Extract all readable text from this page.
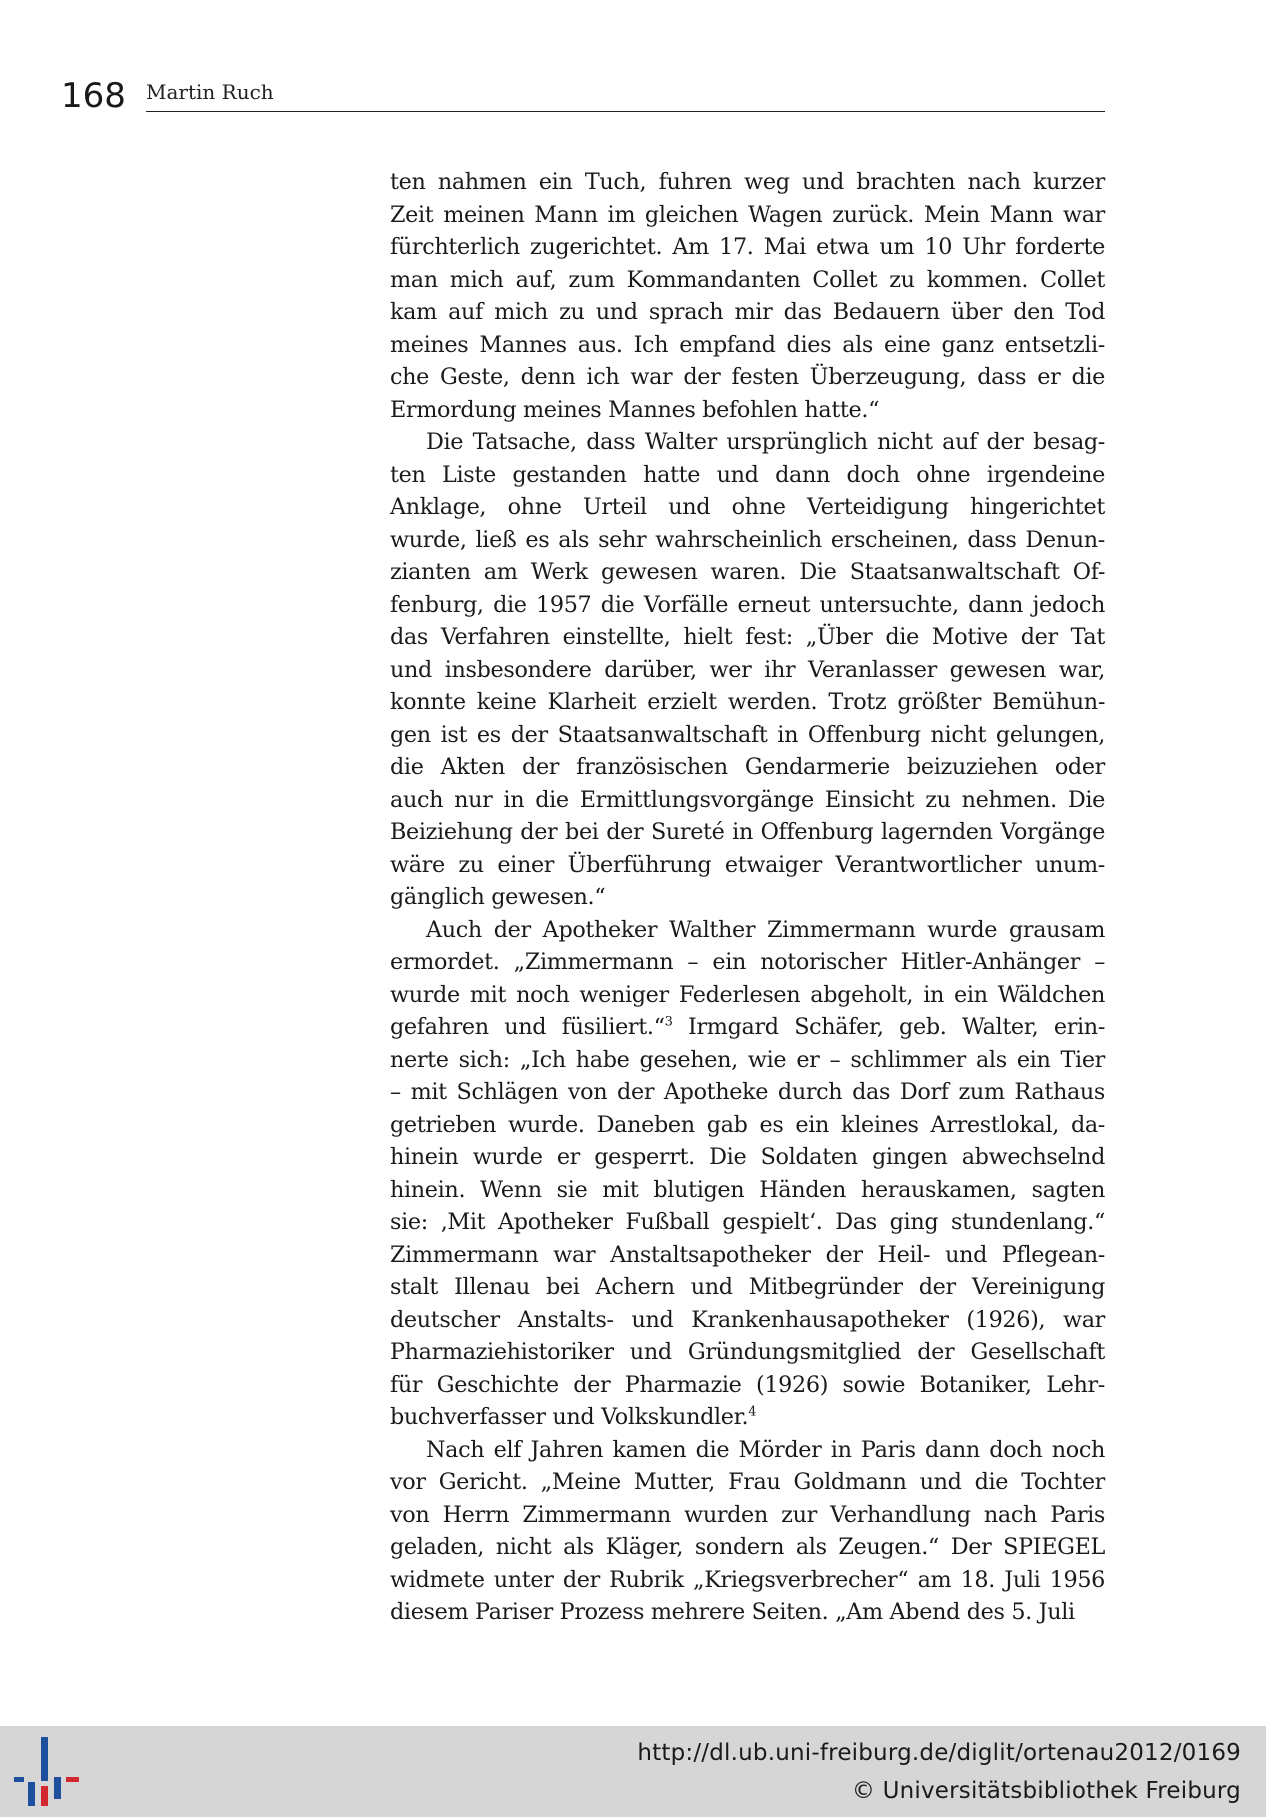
168 Martin Ruch
ten nahmen ein Tuch, fuhren weg und brachten nach kurzer
Zeit meinen Mann im gleichen Wagen zurück. Mein Mann war
fürchterlich zugerichtet. Am 17. Mai etwa um 10 Uhr forderte
man mich auf, zum Kommandanten Collet zu kommen. Collet
kam auf mich zu und sprach mir das Bedauern über den Tod
meines Mannes aus. Ich empfand dies als eine ganz entsetzli-
che Geste, denn ich war der festen Überzeugung, dass er die
Ermordung meines Mannes befohlen hatte.“
Die Tatsache, dass Walter ursprünglich nicht auf der besag-
ten Liste gestanden hatte und dann doch ohne irgendeine
Anklage, ohne Urteil und ohne Verteidigung hingerichtet
wurde, ließ es als sehr wahrscheinlich erscheinen, dass Denun-
zianten am Werk gewesen waren. Die Staatsanwaltschaft Of-
fenburg, die 1957 die Vorfälle erneut untersuchte, dann jedoch
das Verfahren einstellte, hielt fest: „Über die Motive der Tat
und insbesondere darüber, wer ihr Veranlasser gewesen war,
konnte keine Klarheit erzielt werden. Trotz größter Bemühun-
gen ist es der Staatsanwaltschaft in Offenburg nicht gelungen,
die Akten der französischen Gendarmerie beizuziehen oder
auch nur in die Ermittlungsvorgänge Einsicht zu nehmen. Die
Beiziehung der bei der Sureté in Offenburg lagernden Vorgänge
wäre zu einer Überführung etwaiger Verantwortlicher unum-
gänglich gewesen.“
Auch der Apotheker Walther Zimmermann wurde grausam
ermordet. „Zimmermann – ein notorischer Hitler-Anhänger –
wurde mit noch weniger Federlesen abgeholt, in ein Wäldchen
gefahren und füsiliert.“$^3$ Irmgard Schäfer, geb. Walter, erin-
nerte sich: „Ich habe gesehen, wie er – schlimmer als ein Tier
– mit Schlägen von der Apotheke durch das Dorf zum Rathaus
getrieben wurde. Daneben gab es ein kleines Arrestlokal, da-
hinein wurde er gesperrt. Die Soldaten gingen abwechselnd
hinein. Wenn sie mit blutigen Händen herauskamen, sagten
sie: ‚Mit Apotheker Fußball gespielt‘. Das ging stundenlang.“
Zimmermann war Anstaltsapotheker der Heil- und Pflegean-
stalt Illenau bei Achern und Mitbegründer der Vereinigung
deutscher Anstalts- und Krankenhausapotheker (1926), war
Pharmaziehistoriker und Gründungsmitglied der Gesellschaft
für Geschichte der Pharmazie (1926) sowie Botaniker, Lehr-
buchverfasser und Volkskundler.$^4$
Nach elf Jahren kamen die Mörder in Paris dann doch noch
vor Gericht. „Meine Mutter, Frau Goldmann und die Tochter
von Herrn Zimmermann wurden zur Verhandlung nach Paris
geladen, nicht als Kläger, sondern als Zeugen.“ Der SPIEGEL
widmete unter der Rubrik „Kriegsverbrecher“ am 18. Juli 1956
diesem Pariser Prozess mehrere Seiten. „Am Abend des 5. Juli
http://dl.ub.uni-freiburg.de/diglit/ortenau2012/0169
© Universitätsbibliothek Freiburg
